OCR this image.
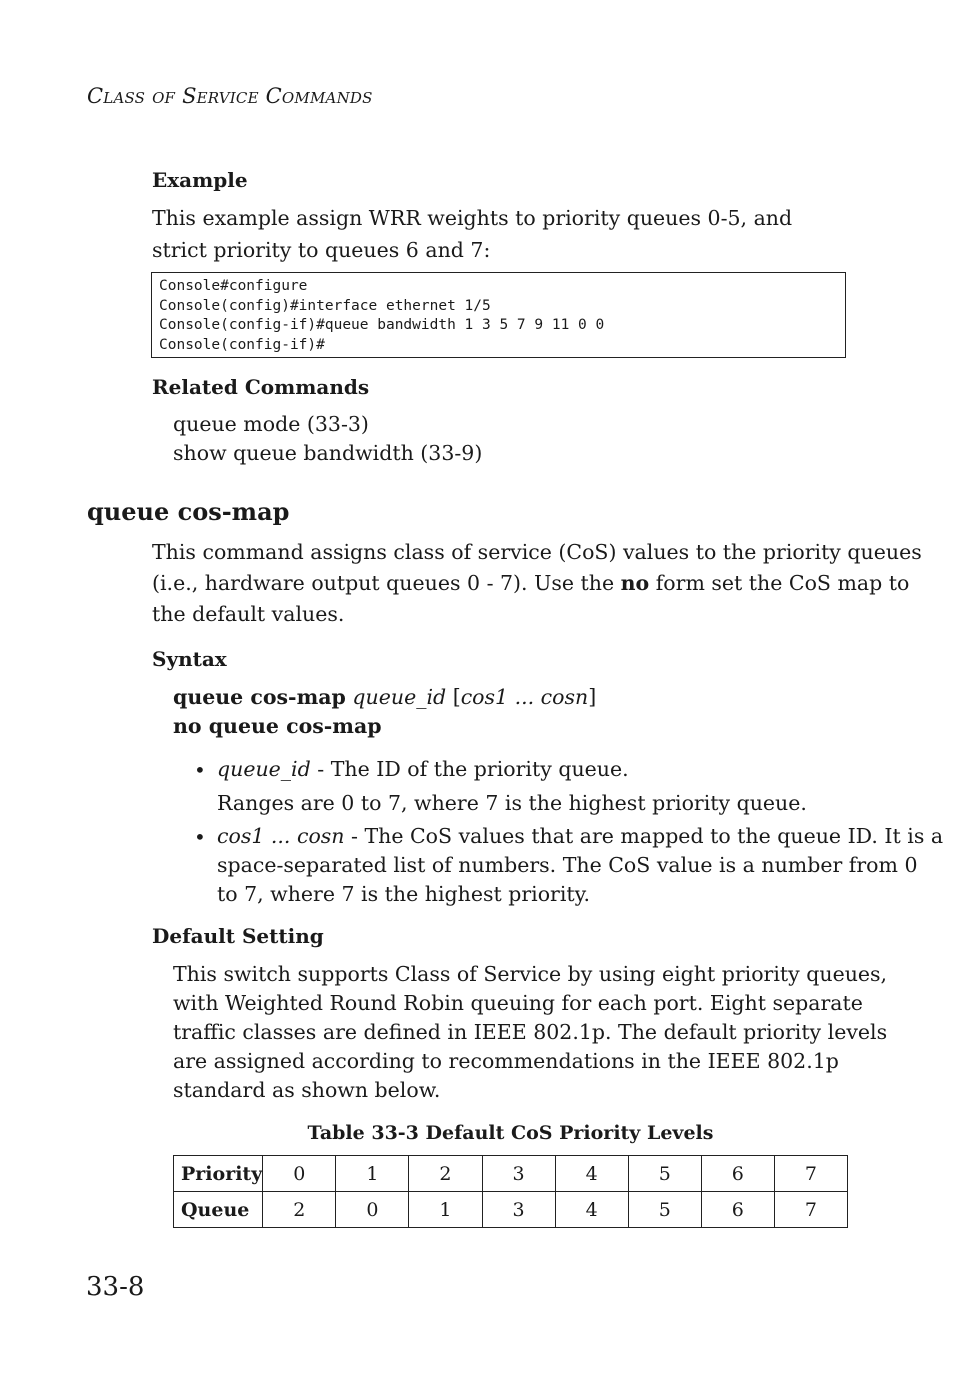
CLASS OF SERVICE COMMANDS
Example
This example assign WRR weights to priority queues 0-5, and strict priority to queues 6 and 7:
Console#configure
Console(config)#interface ethernet 1/5
Console(config-if)#queue bandwidth 1 3 5 7 9 11 0 0
Console(config-if)#
Related Commands
queue mode (33-3)
show queue bandwidth (33-9)
queue cos-map
This command assigns class of service (CoS) values to the priority queues
(i.e., hardware output queues 0 - 7). Use the no form set the CoS map to
the default values.
Syntax
queue cos-map queue_id [cos1 ... cosn]
no queue cos-map
• queue_id - The ID of the priority queue.
Ranges are 0 to 7, where 7 is the highest priority queue.
• cos1 ... cosn - The CoS values that are mapped to the queue ID. It is a
space-separated list of numbers. The CoS value is a number from 0
to 7, where 7 is the highest priority.
Default Setting
This switch supports Class of Service by using eight priority queues,
with Weighted Round Robin queuing for each port. Eight separate
traffic classes are defined in IEEE 802.1p. The default priority levels
are assigned according to recommendations in the IEEE 802.1p
standard as shown below.
Table 33-3 Default CoS Priority Levels
Priority	0	1	2	3	4	5	6	7
Queue	2	0	1	3	4	5	6	7
33-8
